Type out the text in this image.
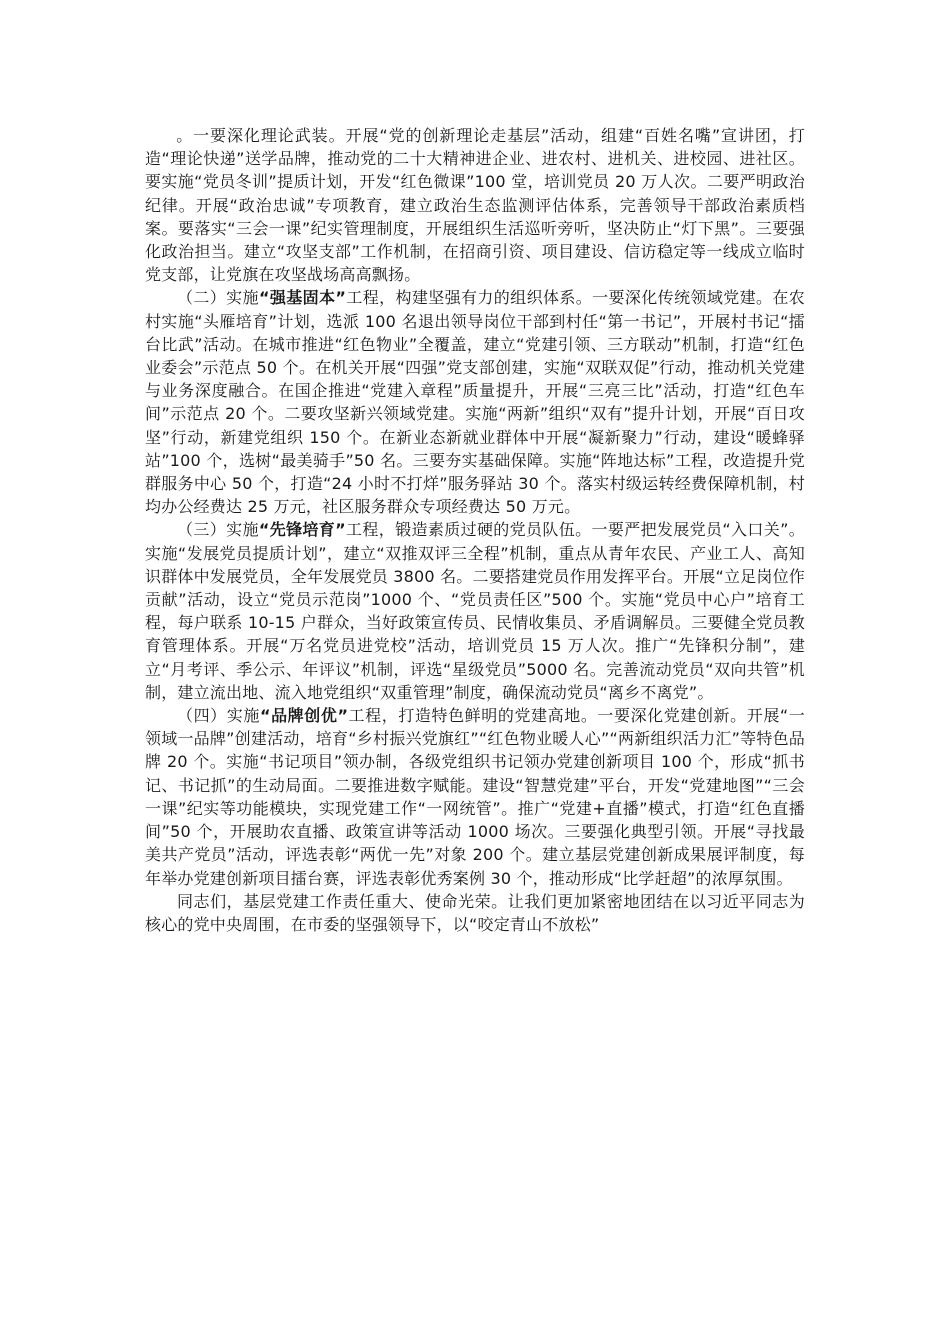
。一要深化理论武装。开展“党的创新理论走基层”活动，组建“百姓名嘴”宣讲团，打造“理论快递”送学品牌，推动党的二十大精神进企业、进农村、进机关、进校园、进社区。要实施“党员冬训”提质计划，开发“红色微课”100 堂，培训党员 20 万人次。二要严明政治纪律。开展“政治忠诚”专项教育，建立政治生态监测评估体系，完善领导干部政治素质档案。要落实“三会一课”纪实管理制度，开展组织生活巡听旁听，坚决防止“灯下黑”。三要强化政治担当。建立“攻坚支部”工作机制，在招商引资、项目建设、信访稳定等一线成立临时党支部，让党旗在攻坚战场高高飘扬。

（二）实施“强基固本”工程，构建坚强有力的组织体系。一要深化传统领域党建。在农村实施“头雁培育”计划，选派 100 名退出领导岗位干部到村任“第一书记”，开展村书记“擂台比武”活动。在城市推进“红色物业”全覆盖，建立“党建引领、三方联动”机制，打造“红色业委会”示范点 50 个。在机关开展“四强”党支部创建，实施“双联双促”行动，推动机关党建与业务深度融合。在国企推进“党建入章程”质量提升，开展“三亮三比”活动，打造“红色车间”示范点 20 个。二要攻坚新兴领域党建。实施“两新”组织“双有”提升计划，开展“百日攻坚”行动，新建党组织 150 个。在新业态新就业群体中开展“凝新聚力”行动，建设“暖蜂驿站”100 个，选树“最美骑手”50 名。三要夯实基础保障。实施“阵地达标”工程，改造提升党群服务中心 50 个，打造“24 小时不打烊”服务驿站 30 个。落实村级运转经费保障机制，村均办公经费达 25 万元，社区服务群众专项经费达 50 万元。

（三）实施“先锋培育”工程，锻造素质过硬的党员队伍。一要严把发展党员“入口关”。实施“发展党员提质计划”，建立“双推双评三全程”机制，重点从青年农民、产业工人、高知识群体中发展党员，全年发展党员 3800 名。二要搭建党员作用发挥平台。开展“立足岗位作贡献”活动，设立“党员示范岗”1000 个、“党员责任区”500 个。实施“党员中心户”培育工程，每户联系 10-15 户群众，当好政策宣传员、民情收集员、矛盾调解员。三要健全党员教育管理体系。开展“万名党员进党校”活动，培训党员 15 万人次。推广“先锋积分制”，建立“月考评、季公示、年评议”机制，评选“星级党员”5000 名。完善流动党员“双向共管”机制，建立流出地、流入地党组织“双重管理”制度，确保流动党员“离乡不离党”。

（四）实施“品牌创优”工程，打造特色鲜明的党建高地。一要深化党建创新。开展“一领域一品牌”创建活动，培育“乡村振兴党旗红”“红色物业暖人心”“两新组织活力汇”等特色品牌 20 个。实施“书记项目”领办制，各级党组织书记领办党建创新项目 100 个，形成“抓书记、书记抓”的生动局面。二要推进数字赋能。建设“智慧党建”平台，开发“党建地图”“三会一课”纪实等功能模块，实现党建工作“一网统管”。推广“党建+直播”模式，打造“红色直播间”50 个，开展助农直播、政策宣讲等活动 1000 场次。三要强化典型引领。开展“寻找最美共产党员”活动，评选表彰“两优一先”对象 200 个。建立基层党建创新成果展评制度，每年举办党建创新项目擂台赛，评选表彰优秀案例 30 个，推动形成“比学赶超”的浓厚氛围。

同志们，基层党建工作责任重大、使命光荣。让我们更加紧密地团结在以习近平同志为核心的党中央周围，在市委的坚强领导下，以“咬定青山不放松”
